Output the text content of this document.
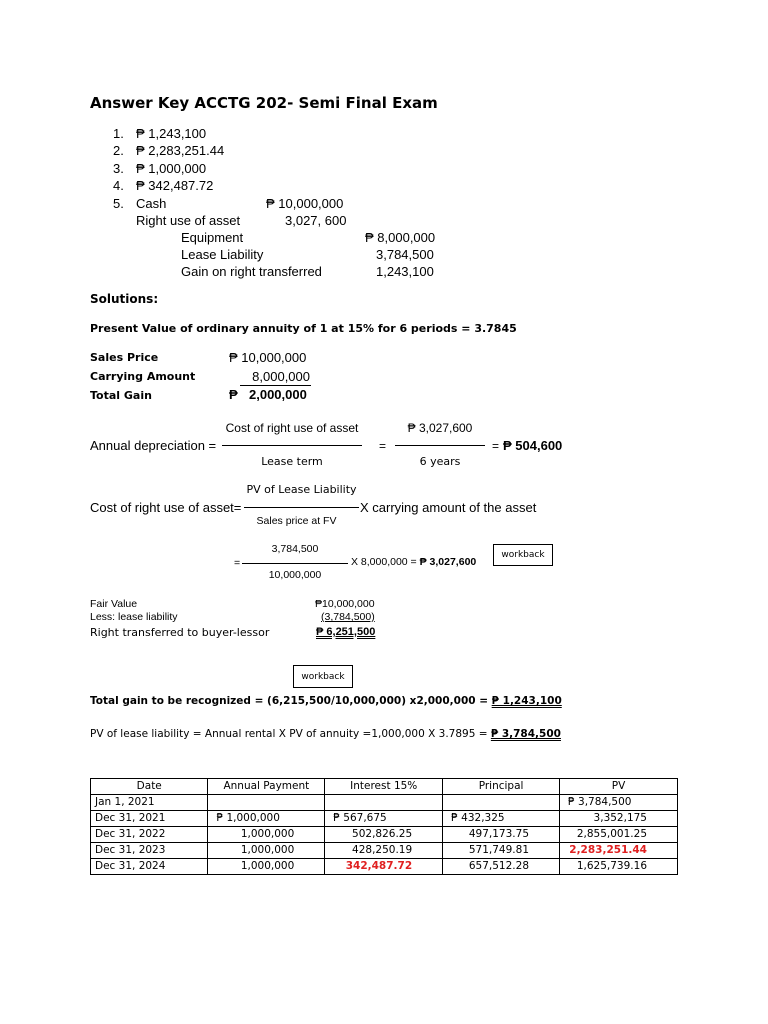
Answer Key ACCTG 202- Semi Final Exam
1. ₱ 1,243,100
2. ₱ 2,283,251.44
3. ₱ 1,000,000
4. ₱ 342,487.72
5. Cash	₱ 10,000,000
Right use of asset	3,027, 600
Equipment	₱ 8,000,000
Lease Liability	3,784,500
Gain on right transferred	1,243,100
Solutions:
Present Value of ordinary annuity of 1 at 15% for 6 periods = 3.7845
Sales Price	₱ 10,000,000
Carrying Amount	8,000,000
Total Gain	₱ 2,000,000
Annual depreciation =
Cost of right use of asset
Lease term
=
₱ 3,027,600
6 years
= ₱ 504,600
Cost of right use of asset=
PV of Lease Liability
Sales price at FV
X carrying amount of the asset
=
3,784,500
10,000,000
X 8,000,000 = ₱ 3,027,600
workback
Fair Value	₱10,000,000
Less: lease liability	(3,784,500)
Right transferred to buyer-lessor	₱ 6,251,500
workback
Total gain to be recognized = (6,215,500/10,000,000) x2,000,000 = ₱ 1,243,100
PV of lease liability = Annual rental X PV of annuity =1,000,000 X 3.7895 = ₱ 3,784,500
Date	Annual Payment	Interest 15%	Principal	PV
Jan 1, 2021				₱ 3,784,500
Dec 31, 2021	₱ 1,000,000	₱ 567,675	₱ 432,325	3,352,175
Dec 31, 2022	1,000,000	502,826.25	497,173.75	2,855,001.25
Dec 31, 2023	1,000,000	428,250.19	571,749.81	2,283,251.44
Dec 31, 2024	1,000,000	342,487.72	657,512.28	1,625,739.16
